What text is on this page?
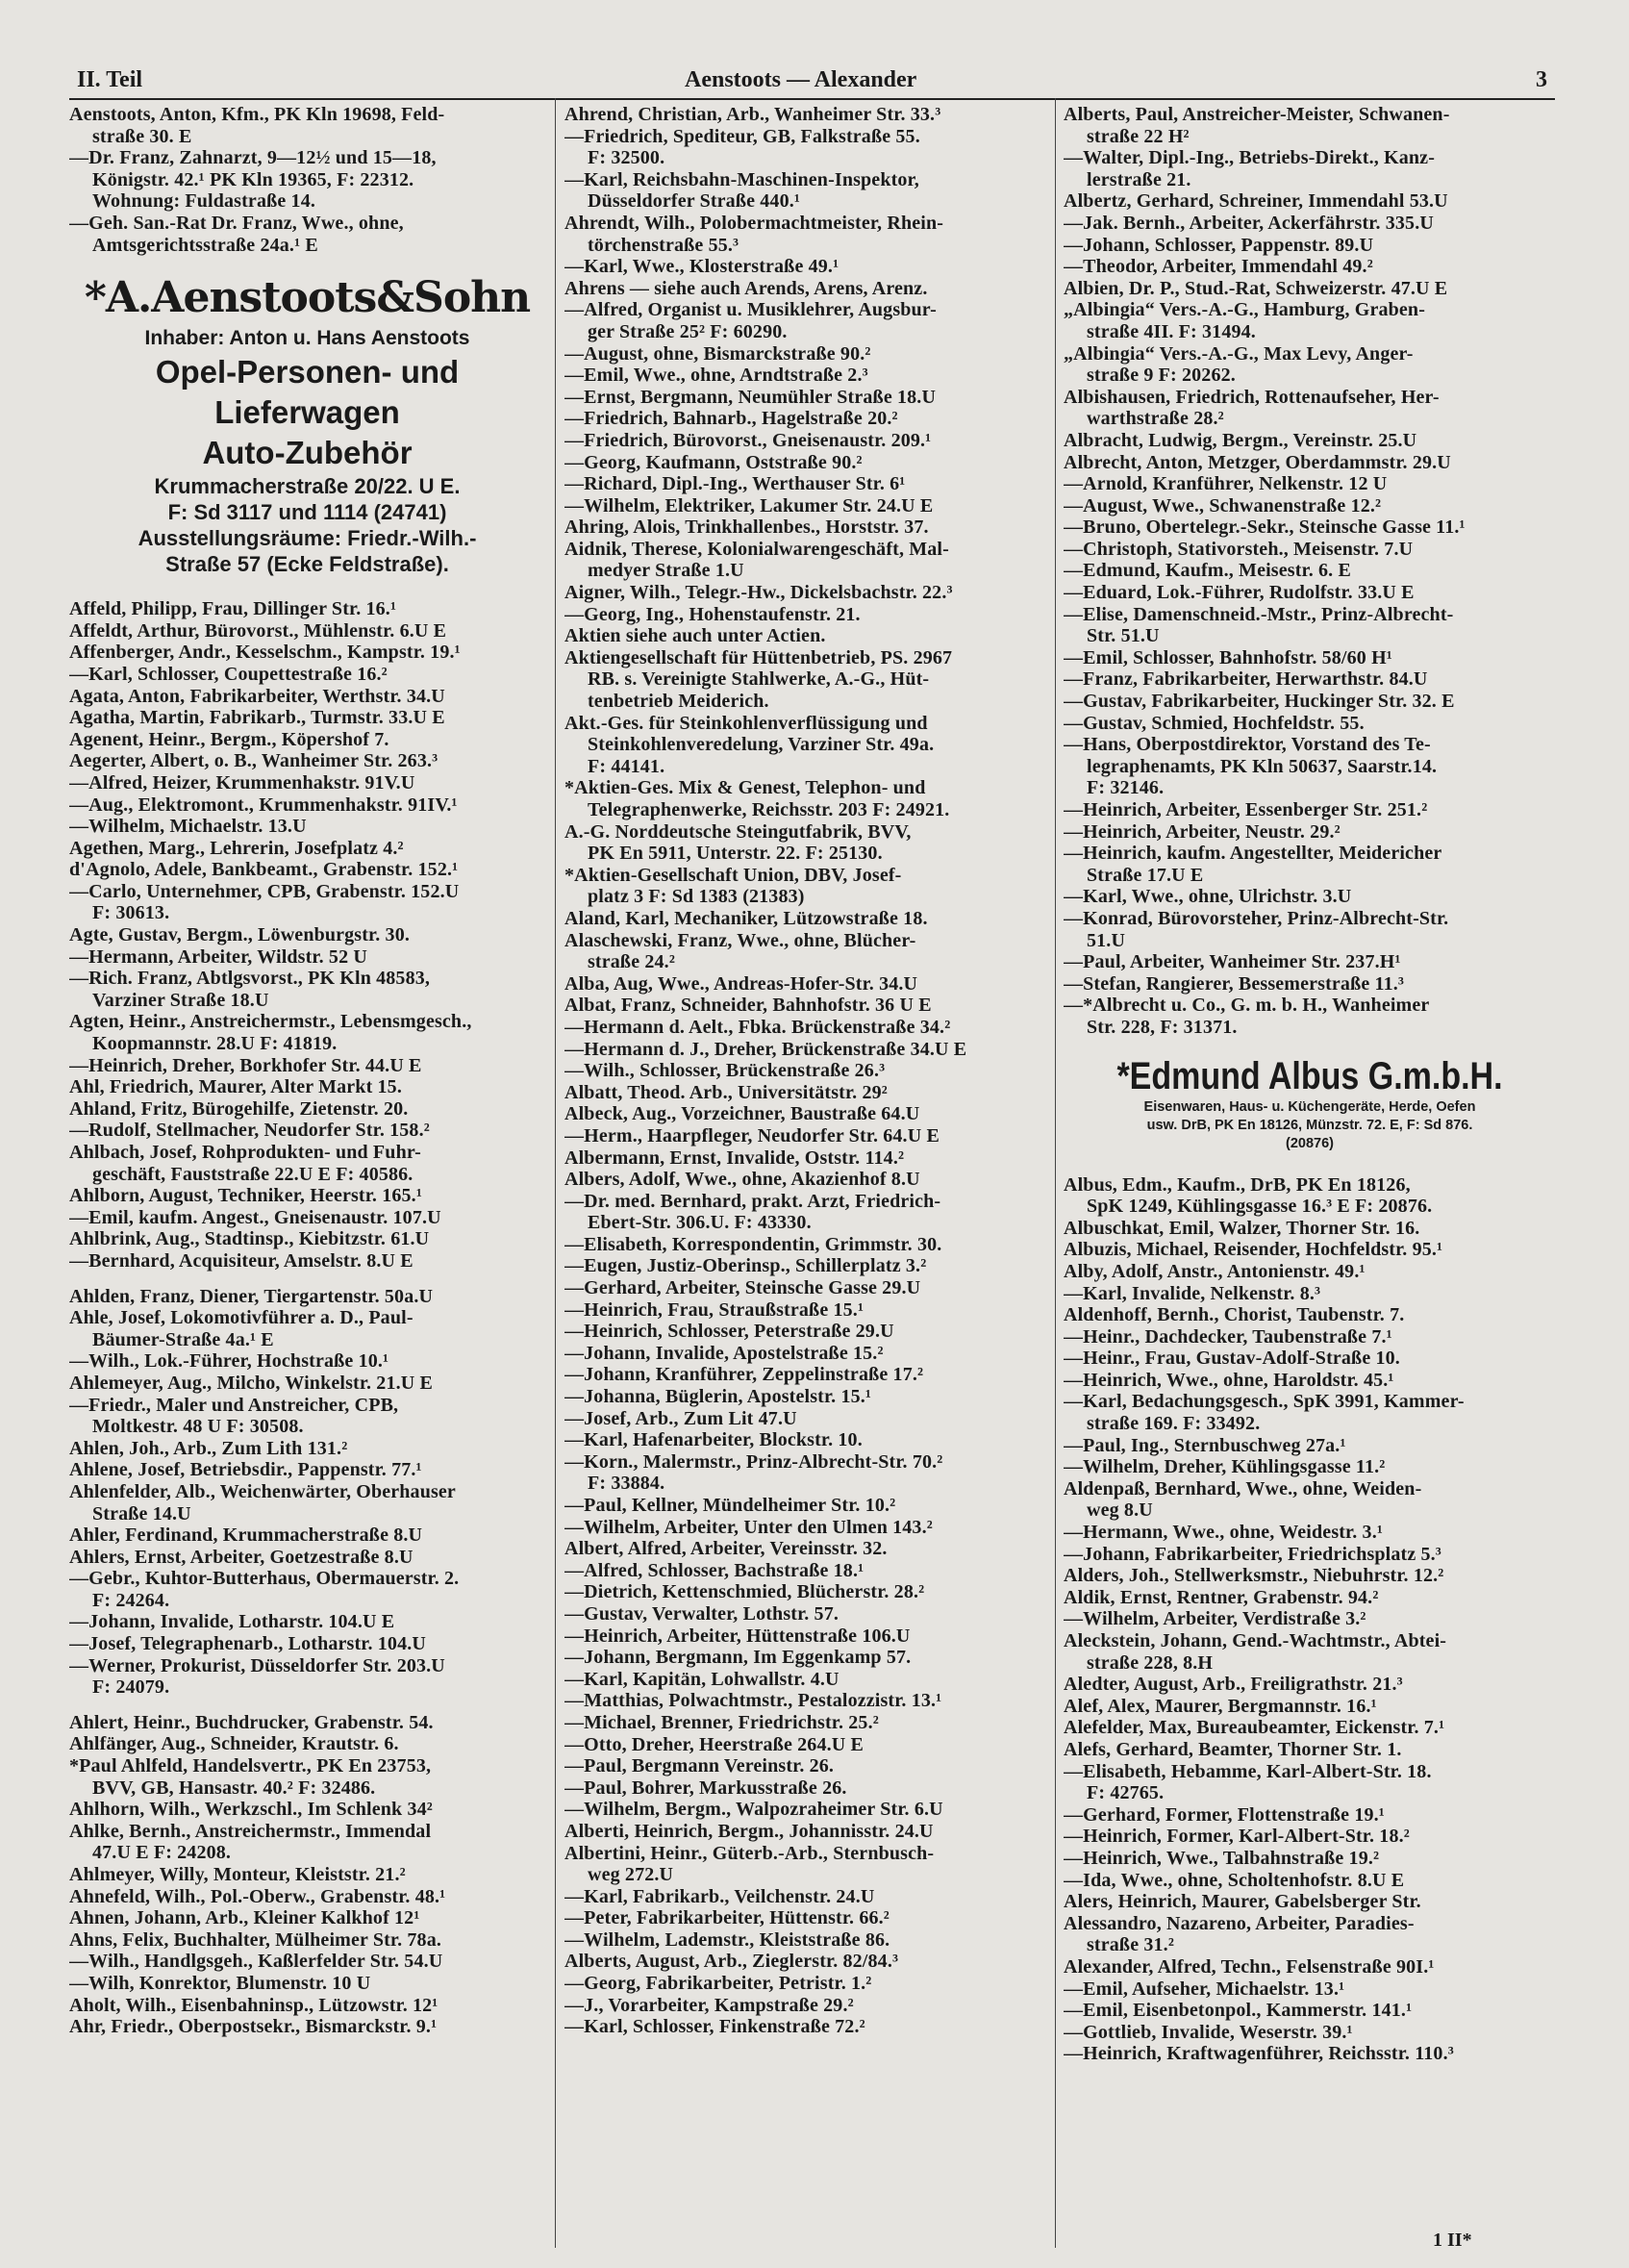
II. Teil	Aenstoots — Alexander	3
Aenstoots, Anton, Kfm., PK Kln 19698, Feld-
straße 30. E
—Dr. Franz, Zahnarzt, 9—12½ und 15—18,
Königstr. 42.¹ PK Kln 19365, F: 22312.
Wohnung: Fuldastraße 14.
—Geh. San.-Rat Dr. Franz, Wwe., ohne,
Amtsgerichtsstraße 24a.¹ E
*A.Aenstoots&Sohn
Inhaber: Anton u. Hans Aenstoots
Opel-Personen- und
Lieferwagen
Auto-Zubehör
Krummacherstraße 20/22. U E.
F: Sd 3117 und 1114 (24741)
Ausstellungsräume: Friedr.-Wilh.-
Straße 57 (Ecke Feldstraße).
Affeld, Philipp, Frau, Dillinger Str. 16.¹
Affeldt, Arthur, Bürovorst., Mühlenstr. 6.U E
Affenberger, Andr., Kesselschm., Kampstr. 19.¹
—Karl, Schlosser, Coupettestraße 16.²
Agata, Anton, Fabrikarbeiter, Werthstr. 34.U
Agatha, Martin, Fabrikarb., Turmstr. 33.U E
Agenent, Heinr., Bergm., Köpershof 7.
Aegerter, Albert, o. B., Wanheimer Str. 263.³
—Alfred, Heizer, Krummenhakstr. 91V.U
—Aug., Elektromont., Krummenhakstr. 91IV.¹
—Wilhelm, Michaelstr. 13.U
Agethen, Marg., Lehrerin, Josefplatz 4.²
d'Agnolo, Adele, Bankbeamt., Grabenstr. 152.¹
—Carlo, Unternehmer, CPB, Grabenstr. 152.U
F: 30613.
Agte, Gustav, Bergm., Löwenburgstr. 30.
—Hermann, Arbeiter, Wildstr. 52 U
—Rich. Franz, Abtlgsvorst., PK Kln 48583,
Varziner Straße 18.U
Agten, Heinr., Anstreichermstr., Lebensmgesch.,
Koopmannstr. 28.U F: 41819.
—Heinrich, Dreher, Borkhofer Str. 44.U E
Ahl, Friedrich, Maurer, Alter Markt 15.
Ahland, Fritz, Bürogehilfe, Zietenstr. 20.
—Rudolf, Stellmacher, Neudorfer Str. 158.²
Ahlbach, Josef, Rohprodukten- und Fuhr-
geschäft, Fauststraße 22.U E F: 40586.
Ahlborn, August, Techniker, Heerstr. 165.¹
—Emil, kaufm. Angest., Gneisenaustr. 107.U
Ahlbrink, Aug., Stadtinsp., Kiebitzstr. 61.U
—Bernhard, Acquisiteur, Amselstr. 8.U E
Ahlden, Franz, Diener, Tiergartenstr. 50a.U
Ahle, Josef, Lokomotivführer a. D., Paul-
Bäumer-Straße 4a.¹ E
—Wilh., Lok.-Führer, Hochstraße 10.¹
Ahlemeyer, Aug., Milcho, Winkelstr. 21.U E
—Friedr., Maler und Anstreicher, CPB,
Moltkestr. 48 U F: 30508.
Ahlen, Joh., Arb., Zum Lith 131.²
Ahlene, Josef, Betriebsdir., Pappenstr. 77.¹
Ahlenfelder, Alb., Weichenwärter, Oberhauser
Straße 14.U
Ahler, Ferdinand, Krummacherstraße 8.U
Ahlers, Ernst, Arbeiter, Goetzestraße 8.U
—Gebr., Kuhtor-Butterhaus, Obermauerstr. 2.
F: 24264.
—Johann, Invalide, Lotharstr. 104.U E
—Josef, Telegraphenarb., Lotharstr. 104.U
—Werner, Prokurist, Düsseldorfer Str. 203.U
F: 24079.
Ahlert, Heinr., Buchdrucker, Grabenstr. 54.
Ahlfänger, Aug., Schneider, Krautstr. 6.
*Paul Ahlfeld, Handelsvertr., PK En 23753,
BVV, GB, Hansastr. 40.² F: 32486.
Ahlhorn, Wilh., Werkzschl., Im Schlenk 34²
Ahlke, Bernh., Anstreichermstr., Immendal
47.U E F: 24208.
Ahlmeyer, Willy, Monteur, Kleiststr. 21.²
Ahnefeld, Wilh., Pol.-Oberw., Grabenstr. 48.¹
Ahnen, Johann, Arb., Kleiner Kalkhof 12¹
Ahns, Felix, Buchhalter, Mülheimer Str. 78a.
—Wilh., Handlgsgeh., Kaßlerfelder Str. 54.U
—Wilh, Konrektor, Blumenstr. 10 U
Aholt, Wilh., Eisenbahninsp., Lützowstr. 12¹
Ahr, Friedr., Oberpostsekr., Bismarckstr. 9.¹
Ahrend, Christian, Arb., Wanheimer Str. 33.³
—Friedrich, Spediteur, GB, Falkstraße 55.
F: 32500.
—Karl, Reichsbahn-Maschinen-Inspektor,
Düsseldorfer Straße 440.¹
Ahrendt, Wilh., Polobermachtmeister, Rhein-
törchenstraße 55.³
—Karl, Wwe., Klosterstraße 49.¹
Ahrens — siehe auch Arends, Arens, Arenz.
—Alfred, Organist u. Musiklehrer, Augsbur-
ger Straße 25² F: 60290.
—August, ohne, Bismarckstraße 90.²
—Emil, Wwe., ohne, Arndtstraße 2.³
—Ernst, Bergmann, Neumühler Straße 18.U
—Friedrich, Bahnarb., Hagelstraße 20.²
—Friedrich, Bürovorst., Gneisenaustr. 209.¹
—Georg, Kaufmann, Oststraße 90.²
—Richard, Dipl.-Ing., Werthauser Str. 6¹
—Wilhelm, Elektriker, Lakumer Str. 24.U E
Ahring, Alois, Trinkhallenbes., Horststr. 37.
Aidnik, Therese, Kolonialwarengeschäft, Mal-
medyer Straße 1.U
Aigner, Wilh., Telegr.-Hw., Dickelsbachstr. 22.³
—Georg, Ing., Hohenstaufenstr. 21.
Aktien siehe auch unter Actien.
Aktiengesellschaft für Hüttenbetrieb, PS. 2967
RB. s. Vereinigte Stahlwerke, A.-G., Hüt-
tenbetrieb Meiderich.
Akt.-Ges. für Steinkohlenverflüssigung und
Steinkohlenveredelung, Varziner Str. 49a.
F: 44141.
*Aktien-Ges. Mix & Genest, Telephon- und
Telegraphenwerke, Reichsstr. 203 F: 24921.
A.-G. Norddeutsche Steingutfabrik, BVV,
PK En 5911, Unterstr. 22. F: 25130.
*Aktien-Gesellschaft Union, DBV, Josef-
platz 3 F: Sd 1383 (21383)
Aland, Karl, Mechaniker, Lützowstraße 18.
Alaschewski, Franz, Wwe., ohne, Blücher-
straße 24.²
Alba, Aug, Wwe., Andreas-Hofer-Str. 34.U
Albat, Franz, Schneider, Bahnhofstr. 36 U E
—Hermann d. Aelt., Fbka. Brückenstraße 34.²
—Hermann d. J., Dreher, Brückenstraße 34.U E
—Wilh., Schlosser, Brückenstraße 26.³
Albatt, Theod. Arb., Universitätstr. 29²
Albeck, Aug., Vorzeichner, Baustraße 64.U
—Herm., Haarpfleger, Neudorfer Str. 64.U E
Albermann, Ernst, Invalide, Oststr. 114.²
Albers, Adolf, Wwe., ohne, Akazienhof 8.U
—Dr. med. Bernhard, prakt. Arzt, Friedrich-
Ebert-Str. 306.U. F: 43330.
—Elisabeth, Korrespondentin, Grimmstr. 30.
—Eugen, Justiz-Oberinsp., Schillerplatz 3.²
—Gerhard, Arbeiter, Steinsche Gasse 29.U
—Heinrich, Frau, Straußstraße 15.¹
—Heinrich, Schlosser, Peterstraße 29.U
—Johann, Invalide, Apostelstraße 15.²
—Johann, Kranführer, Zeppelinstraße 17.²
—Johanna, Büglerin, Apostelstr. 15.¹
—Josef, Arb., Zum Lit 47.U
—Karl, Hafenarbeiter, Blockstr. 10.
—Korn., Malermstr., Prinz-Albrecht-Str. 70.²
F: 33884.
—Paul, Kellner, Mündelheimer Str. 10.²
—Wilhelm, Arbeiter, Unter den Ulmen 143.²
Albert, Alfred, Arbeiter, Vereinsstr. 32.
—Alfred, Schlosser, Bachstraße 18.¹
—Dietrich, Kettenschmied, Blücherstr. 28.²
—Gustav, Verwalter, Lothstr. 57.
—Heinrich, Arbeiter, Hüttenstraße 106.U
—Johann, Bergmann, Im Eggenkamp 57.
—Karl, Kapitän, Lohwallstr. 4.U
—Matthias, Polwachtmstr., Pestalozzistr. 13.¹
—Michael, Brenner, Friedrichstr. 25.²
—Otto, Dreher, Heerstraße 264.U E
—Paul, Bergmann Vereinstr. 26.
—Paul, Bohrer, Markusstraße 26.
—Wilhelm, Bergm., Walpozraheimer Str. 6.U
Alberti, Heinrich, Bergm., Johannisstr. 24.U
Albertini, Heinr., Güterb.-Arb., Sternbusch-
weg 272.U
—Karl, Fabrikarb., Veilchenstr. 24.U
—Peter, Fabrikarbeiter, Hüttenstr. 66.²
—Wilhelm, Lademstr., Kleiststraße 86.
Alberts, August, Arb., Zieglerstr. 82/84.³
—Georg, Fabrikarbeiter, Petristr. 1.²
—J., Vorarbeiter, Kampstraße 29.²
—Karl, Schlosser, Finkenstraße 72.²
Alberts, Paul, Anstreicher-Meister, Schwanen-
straße 22 H²
—Walter, Dipl.-Ing., Betriebs-Direkt., Kanz-
lerstraße 21.
Albertz, Gerhard, Schreiner, Immendahl 53.U
—Jak. Bernh., Arbeiter, Ackerfährstr. 335.U
—Johann, Schlosser, Pappenstr. 89.U
—Theodor, Arbeiter, Immendahl 49.²
Albien, Dr. P., Stud.-Rat, Schweizerstr. 47.U E
„Albingia“ Vers.-A.-G., Hamburg, Graben-
straße 4II. F: 31494.
„Albingia“ Vers.-A.-G., Max Levy, Anger-
straße 9 F: 20262.
Albishausen, Friedrich, Rottenaufseher, Her-
warthstraße 28.²
Albracht, Ludwig, Bergm., Vereinstr. 25.U
Albrecht, Anton, Metzger, Oberdammstr. 29.U
—Arnold, Kranführer, Nelkenstr. 12 U
—August, Wwe., Schwanenstraße 12.²
—Bruno, Obertelegr.-Sekr., Steinsche Gasse 11.¹
—Christoph, Stativorsteh., Meisenstr. 7.U
—Edmund, Kaufm., Meisestr. 6. E
—Eduard, Lok.-Führer, Rudolfstr. 33.U E
—Elise, Damenschneid.-Mstr., Prinz-Albrecht-
Str. 51.U
—Emil, Schlosser, Bahnhofstr. 58/60 H¹
—Franz, Fabrikarbeiter, Herwarthstr. 84.U
—Gustav, Fabrikarbeiter, Huckinger Str. 32. E
—Gustav, Schmied, Hochfeldstr. 55.
—Hans, Oberpostdirektor, Vorstand des Te-
legraphenamts, PK Kln 50637, Saarstr.14.
F: 32146.
—Heinrich, Arbeiter, Essenberger Str. 251.²
—Heinrich, Arbeiter, Neustr. 29.²
—Heinrich, kaufm. Angestellter, Meidericher
Straße 17.U E
—Karl, Wwe., ohne, Ulrichstr. 3.U
—Konrad, Bürovorsteher, Prinz-Albrecht-Str.
51.U
—Paul, Arbeiter, Wanheimer Str. 237.H¹
—Stefan, Rangierer, Bessemerstraße 11.³
—*Albrecht u. Co., G. m. b. H., Wanheimer
Str. 228, F: 31371.
*Edmund Albus G.m.b.H.
Eisenwaren, Haus- u. Küchengeräte, Herde, Oefen
usw. DrB, PK En 18126, Münzstr. 72. E, F: Sd 876.
(20876)
Albus, Edm., Kaufm., DrB, PK En 18126,
SpK 1249, Kühlingsgasse 16.³ E F: 20876.
Albuschkat, Emil, Walzer, Thorner Str. 16.
Albuzis, Michael, Reisender, Hochfeldstr. 95.¹
Alby, Adolf, Anstr., Antonienstr. 49.¹
—Karl, Invalide, Nelkenstr. 8.³
Aldenhoff, Bernh., Chorist, Taubenstr. 7.
—Heinr., Dachdecker, Taubenstraße 7.¹
—Heinr., Frau, Gustav-Adolf-Straße 10.
—Heinrich, Wwe., ohne, Haroldstr. 45.¹
—Karl, Bedachungsgesch., SpK 3991, Kammer-
straße 169. F: 33492.
—Paul, Ing., Sternbuschweg 27a.¹
—Wilhelm, Dreher, Kühlingsgasse 11.²
Aldenpaß, Bernhard, Wwe., ohne, Weiden-
weg 8.U
—Hermann, Wwe., ohne, Weidestr. 3.¹
—Johann, Fabrikarbeiter, Friedrichsplatz 5.³
Alders, Joh., Stellwerksmstr., Niebuhrstr. 12.²
Aldik, Ernst, Rentner, Grabenstr. 94.²
—Wilhelm, Arbeiter, Verdistraße 3.²
Aleckstein, Johann, Gend.-Wachtmstr., Abtei-
straße 228, 8.H
Aledter, August, Arb., Freiligrathstr. 21.³
Alef, Alex, Maurer, Bergmannstr. 16.¹
Alefelder, Max, Bureaubeamter, Eickenstr. 7.¹
Alefs, Gerhard, Beamter, Thorner Str. 1.
—Elisabeth, Hebamme, Karl-Albert-Str. 18.
F: 42765.
—Gerhard, Former, Flottenstraße 19.¹
—Heinrich, Former, Karl-Albert-Str. 18.²
—Heinrich, Wwe., Talbahnstraße 19.²
—Ida, Wwe., ohne, Scholtenhofstr. 8.U E
Alers, Heinrich, Maurer, Gabelsberger Str.
Alessandro, Nazareno, Arbeiter, Paradies-
straße 31.²
Alexander, Alfred, Techn., Felsenstraße 90I.¹
—Emil, Aufseher, Michaelstr. 13.¹
—Emil, Eisenbetonpol., Kammerstr. 141.¹
—Gottlieb, Invalide, Weserstr. 39.¹
—Heinrich, Kraftwagenführer, Reichsstr. 110.³
1 II*
